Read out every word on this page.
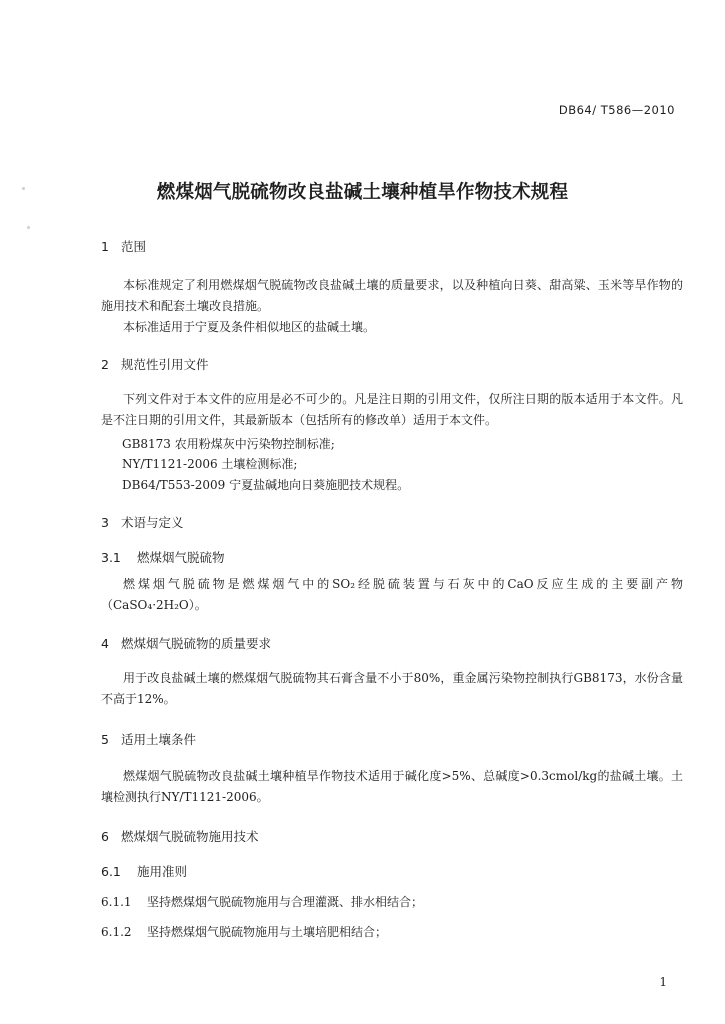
DB64/ T586—2010
燃煤烟气脱硫物改良盐碱土壤种植旱作物技术规程
1 范围
本标准规定了利用燃煤烟气脱硫物改良盐碱土壤的质量要求，以及种植向日葵、甜高粱、玉米等旱作物的施用技术和配套土壤改良措施。
本标准适用于宁夏及条件相似地区的盐碱土壤。
2 规范性引用文件
下列文件对于本文件的应用是必不可少的。凡是注日期的引用文件，仅所注日期的版本适用于本文件。凡是不注日期的引用文件，其最新版本（包括所有的修改单）适用于本文件。
GB8173 农用粉煤灰中污染物控制标准;
NY/T1121-2006 土壤检测标准;
DB64/T553-2009 宁夏盐碱地向日葵施肥技术规程。
3 术语与定义
3.1 燃煤烟气脱硫物
燃煤烟气脱硫物是燃煤烟气中的SO₂经脱硫装置与石灰中的CaO反应生成的主要副产物（CaSO₄·2H₂O）。
4 燃煤烟气脱硫物的质量要求
用于改良盐碱土壤的燃煤烟气脱硫物其石膏含量不小于80%，重金属污染物控制执行GB8173，水份含量不高于12%。
5 适用土壤条件
燃煤烟气脱硫物改良盐碱土壤种植旱作物技术适用于碱化度>5%、总碱度>0.3cmol/kg的盐碱土壤。土壤检测执行NY/T1121-2006。
6 燃煤烟气脱硫物施用技术
6.1 施用准则
6.1.1 坚持燃煤烟气脱硫物施用与合理灌溉、排水相结合；
6.1.2 坚持燃煤烟气脱硫物施用与土壤培肥相结合；
1
